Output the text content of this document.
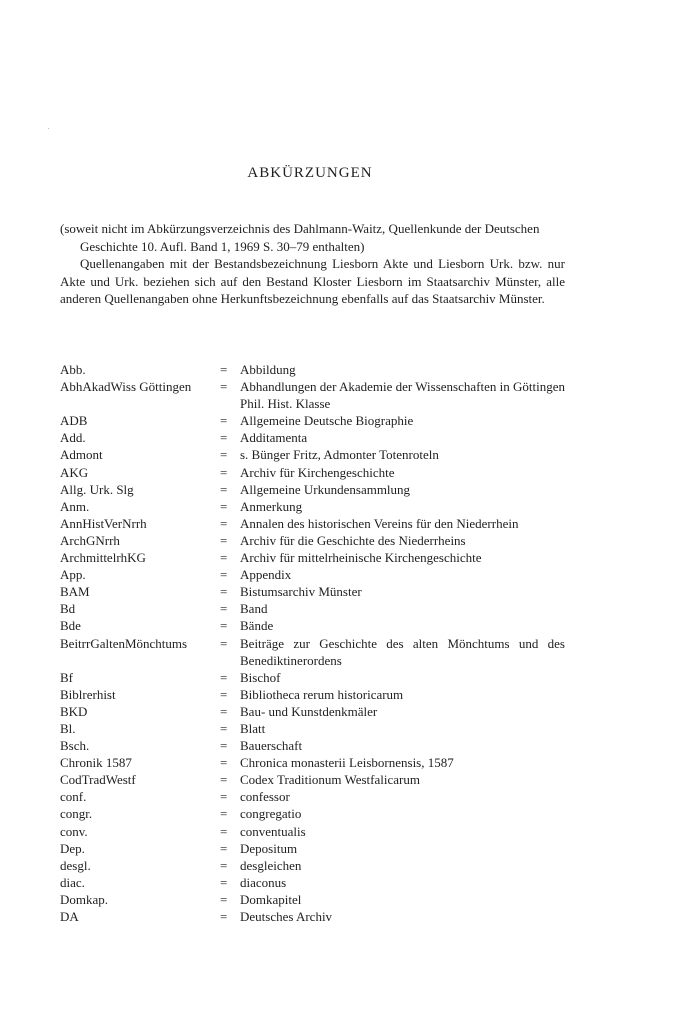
ABKÜRZUNGEN

(soweit nicht im Abkürzungsverzeichnis des Dahlmann-Waitz, Quellenkunde der Deutschen Geschichte 10. Aufl. Band 1, 1969 S. 30–79 enthalten)

Quellenangaben mit der Bestandsbezeichnung Liesborn Akte und Liesborn Urk. bzw. nur Akte und Urk. beziehen sich auf den Bestand Kloster Liesborn im Staatsarchiv Münster, alle anderen Quellenangaben ohne Herkunftsbezeichnung ebenfalls auf das Staatsarchiv Münster.

Abb.	= Abbildung
AbhAkadWiss Göttingen	= Abhandlungen der Akademie der Wissenschaften in Göttingen Phil. Hist. Klasse
ADB	= Allgemeine Deutsche Biographie
Add.	= Additamenta
Admont	= s. Bünger Fritz, Admonter Totenroteln
AKG	= Archiv für Kirchengeschichte
Allg. Urk. Slg	= Allgemeine Urkundensammlung
Anm.	= Anmerkung
AnnHistVerNrrh	= Annalen des historischen Vereins für den Niederrhein
ArchGNrrh	= Archiv für die Geschichte des Niederrheins
ArchmittelrhKG	= Archiv für mittelrheinische Kirchengeschichte
App.	= Appendix
BAM	= Bistumsarchiv Münster
Bd	= Band
Bde	= Bände
BeitrrGaltenMönchtums	= Beiträge zur Geschichte des alten Mönchtums und des Benediktinerordens
Bf	= Bischof
Biblrerhist	= Bibliotheca rerum historicarum
BKD	= Bau- und Kunstdenkmäler
Bl.	= Blatt
Bsch.	= Bauerschaft
Chronik 1587	= Chronica monasterii Leisbornensis, 1587
CodTradWestf	= Codex Traditionum Westfalicarum
conf.	= confessor
congr.	= congregatio
conv.	= conventualis
Dep.	= Depositum
desgl.	= desgleichen
diac.	= diaconus
Domkap.	= Domkapitel
DA	= Deutsches Archiv
